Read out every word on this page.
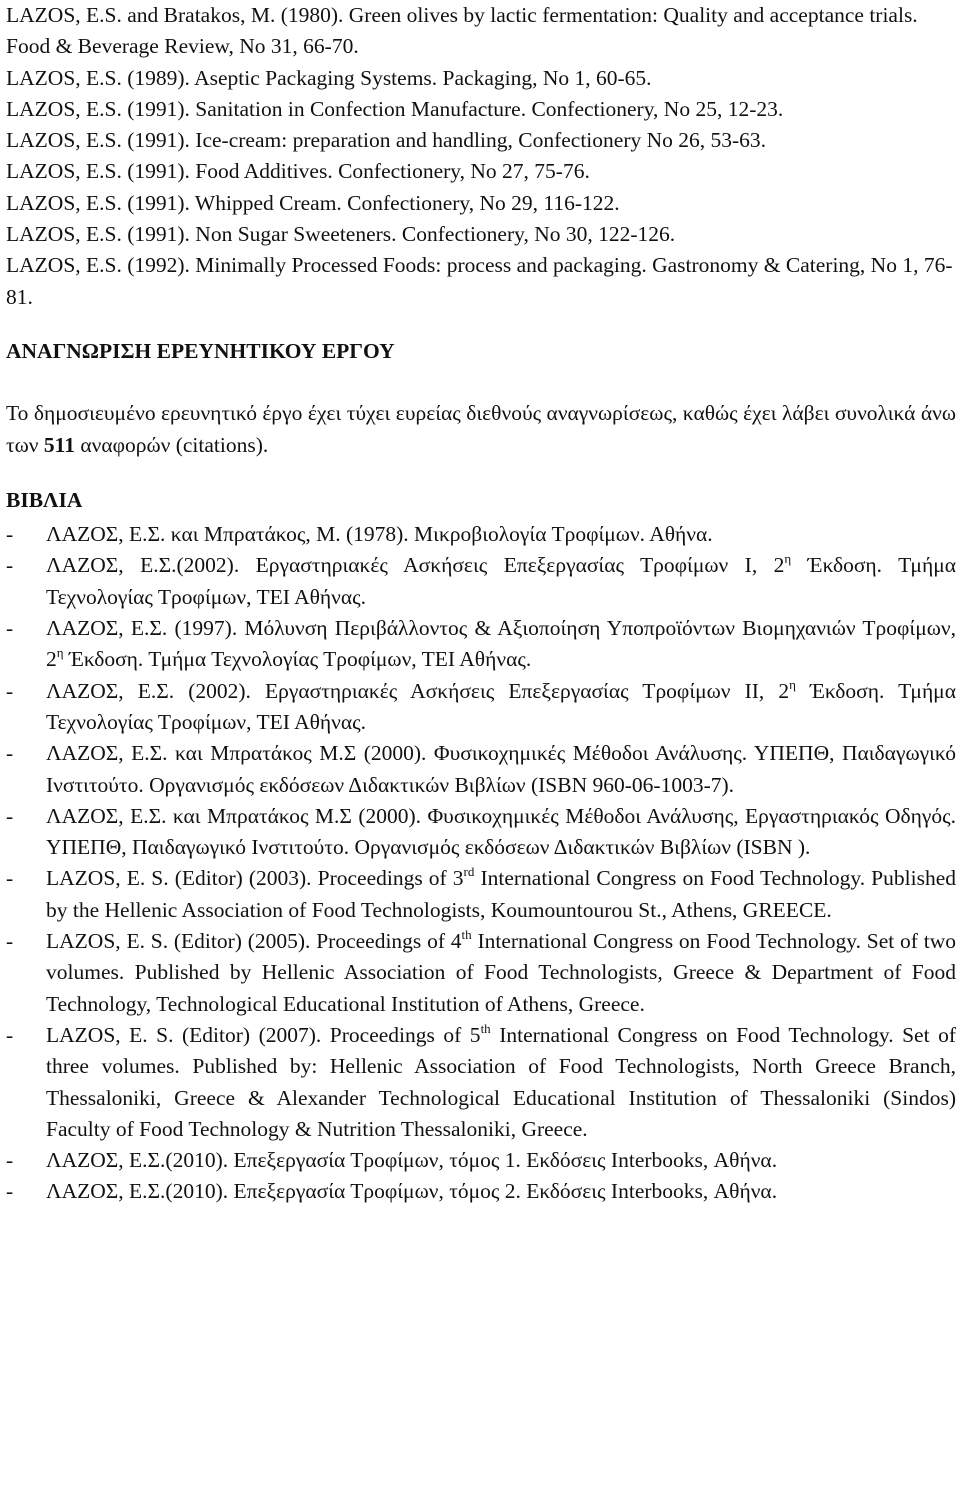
LAZOS, E.S. and Bratakos, M. (1980). Green olives by lactic fermentation: Quality and acceptance trials. Food & Beverage Review, No 31, 66-70.

LAZOS, E.S. (1989). Aseptic Packaging Systems. Packaging, No 1, 60-65.

LAZOS, E.S. (1991). Sanitation in Confection Manufacture. Confectionery, No 25, 12-23.

LAZOS, E.S. (1991). Ice-cream: preparation and handling, Confectionery No 26, 53-63.

LAZOS, E.S. (1991). Food Additives. Confectionery, No 27, 75-76.

LAZOS, E.S. (1991). Whipped Cream. Confectionery, No 29, 116-122.

LAZOS, E.S. (1991). Non Sugar Sweeteners. Confectionery, No 30, 122-126.

LAZOS, E.S. (1992). Minimally Processed Foods: process and packaging. Gastronomy & Catering, No 1, 76-81.

ΑΝΑΓΝΩΡΙΣΗ ΕΡΕΥΝΗΤΙΚΟΥ ΕΡΓΟΥ

Το δημοσιευμένο ερευνητικό έργο έχει τύχει ευρείας διεθνούς αναγνωρίσεως, καθώς έχει λάβει συνολικά άνω των 511 αναφορών (citations).

ΒΙΒΛΙΑ

-	ΛΑΖΟΣ, Ε.Σ. και Μπρατάκος, Μ. (1978). Μικροβιολογία Τροφίμων. Αθήνα.
-	ΛΑΖΟΣ, Ε.Σ.(2002). Εργαστηριακές Ασκήσεις Επεξεργασίας Τροφίμων Ι, $2^\eta$ Έκδοση. Τμήμα Τεχνολογίας Τροφίμων, ΤΕΙ Αθήνας.
-	ΛΑΖΟΣ, Ε.Σ. (1997). Μόλυνση Περιβάλλοντος & Αξιοποίηση Υποπροϊόντων Βιομηχανιών Τροφίμων, $2^\eta$ Έκδοση. Τμήμα Τεχνολογίας Τροφίμων, ΤΕΙ Αθήνας.
-	ΛΑΖΟΣ, Ε.Σ. (2002). Εργαστηριακές Ασκήσεις Επεξεργασίας Τροφίμων ΙΙ, $2^\eta$ Έκδοση. Τμήμα Τεχνολογίας Τροφίμων, ΤΕΙ Αθήνας.
-	ΛΑΖΟΣ, Ε.Σ. και Μπρατάκος Μ.Σ (2000). Φυσικοχημικές Μέθοδοι Ανάλυσης. ΥΠΕΠΘ, Παιδαγωγικό Ινστιτούτο. Οργανισμός εκδόσεων Διδακτικών Βιβλίων (ISBN 960-06-1003-7).
-	ΛΑΖΟΣ, Ε.Σ. και Μπρατάκος Μ.Σ (2000). Φυσικοχημικές Μέθοδοι Ανάλυσης, Εργαστηριακός Οδηγός. ΥΠΕΠΘ, Παιδαγωγικό Ινστιτούτο. Οργανισμός εκδόσεων Διδακτικών Βιβλίων (ISBN ).
-	LAZOS, E. S. (Editor) (2003). Proceedings of 3rd International Congress on Food Technology. Published by the Hellenic Association of Food Technologists, Koumountourou St., Athens, GREECE.
-	LAZOS, E. S. (Editor) (2005). Proceedings of 4th International Congress on Food Technology. Set of two volumes. Published by Hellenic Association of Food Technologists, Greece & Department of Food Technology, Technological Educational Institution of Athens, Greece.
-	LAZOS, E. S. (Editor) (2007). Proceedings of 5th International Congress on Food Technology. Set of three volumes. Published by: Hellenic Association of Food Technologists, North Greece Branch, Thessaloniki, Greece & Alexander Technological Educational Institution of Thessaloniki (Sindos) Faculty of Food Technology & Nutrition Thessaloniki, Greece.
-	ΛΑΖΟΣ, Ε.Σ.(2010). Επεξεργασία Τροφίμων, τόμος 1. Εκδόσεις Interbooks, Αθήνα.
-	ΛΑΖΟΣ, Ε.Σ.(2010). Επεξεργασία Τροφίμων, τόμος 2. Εκδόσεις Interbooks, Αθήνα.
